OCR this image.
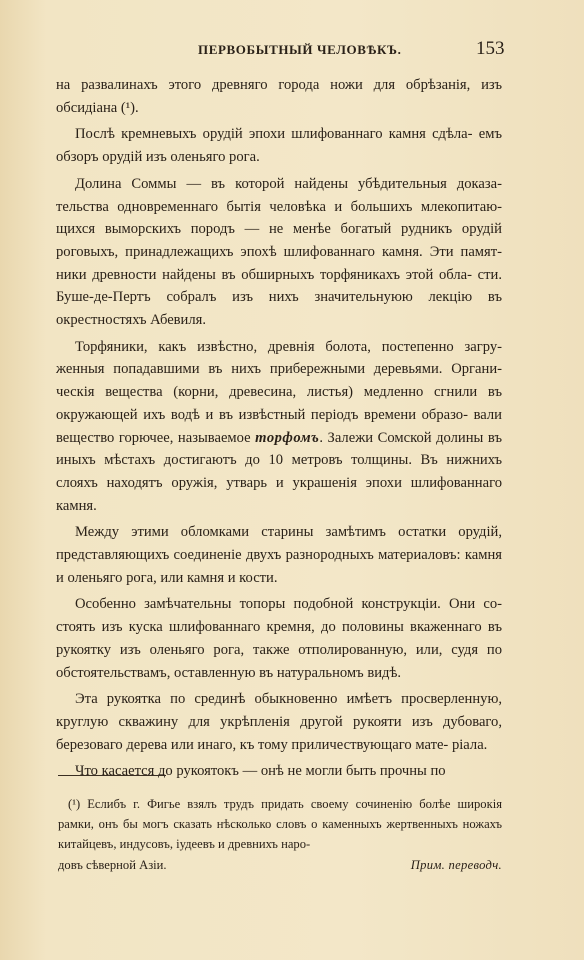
ПЕРВОБЫТНЫЙ ЧЕЛОВѢКЪ.	153

на развалинахъ этого древняго города ножи для обрѣзанія, изъ обсидіана (¹).

Послѣ кремневыхъ орудій эпохи шлифованнаго камня сдѣла- емъ обзоръ орудій изъ оленьяго рога.

Долина Соммы — въ которой найдены убѣдительныя доказа- тельства одновременнаго бытія человѣка и большихъ млекопитаю- щихся выморскихъ породъ — не менѣе богатый рудникъ орудій роговыхъ, принадлежащихъ эпохѣ шлифованнаго камня. Эти памят- ники древности найдены въ обширныхъ торфяникахъ этой обла- сти. Буше-де-Пертъ собралъ изъ нихъ значительнуюю лекцію въ окрестностяхъ Абевиля.

Торфяники, какъ извѣстно, древнія болота, постепенно загру- женныя попадавшими въ нихъ прибережными деревьями. Органи- ческія вещества (корни, древесина, листья) медленно сгнили въ окружающей ихъ водѣ и въ извѣстный періодъ времени образо- вали вещество горючее, называемое торфомъ. Залежи Сомской долины въ иныхъ мѣстахъ достигаютъ до 10 метровъ толщины. Въ нижнихъ слояхъ находятъ оружія, утварь и украшенія эпохи шлифованнаго камня.

Между этими обломками старины замѣтимъ остатки орудій, представляющихъ соединеніе двухъ разнородныхъ материаловъ: камня и оленьяго рога, или камня и кости.

Особенно замѣчательны топоры подобной конструкціи. Они со- стоять изъ куска шлифованнаго кремня, до половины вкаженнаго въ рукоятку изъ оленьяго рога, также отполированную, или, судя по обстоятельствамъ, оставленную въ натуральномъ видѣ.

Эта рукоятка по срединѣ обыкновенно имѣетъ просверленную, круглую скважину для укрѣпленія другой рукояти изъ дубоваго, березоваго дерева или инаго, къ тому приличествующаго мате- ріала.

Что касается до рукоятокъ — онѣ не могли быть прочны по

(¹) Еслибъ г. Фигье взялъ трудъ придать своему сочиненію болѣе широкія рамки, онъ бы могъ сказать нѣсколько словъ о каменныхъ жертвенныхъ ножахъ китайцевъ, индусовъ, іудеевъ и древнихъ наро-

довъ сѣверной Азіи.	Прим. переводч.
